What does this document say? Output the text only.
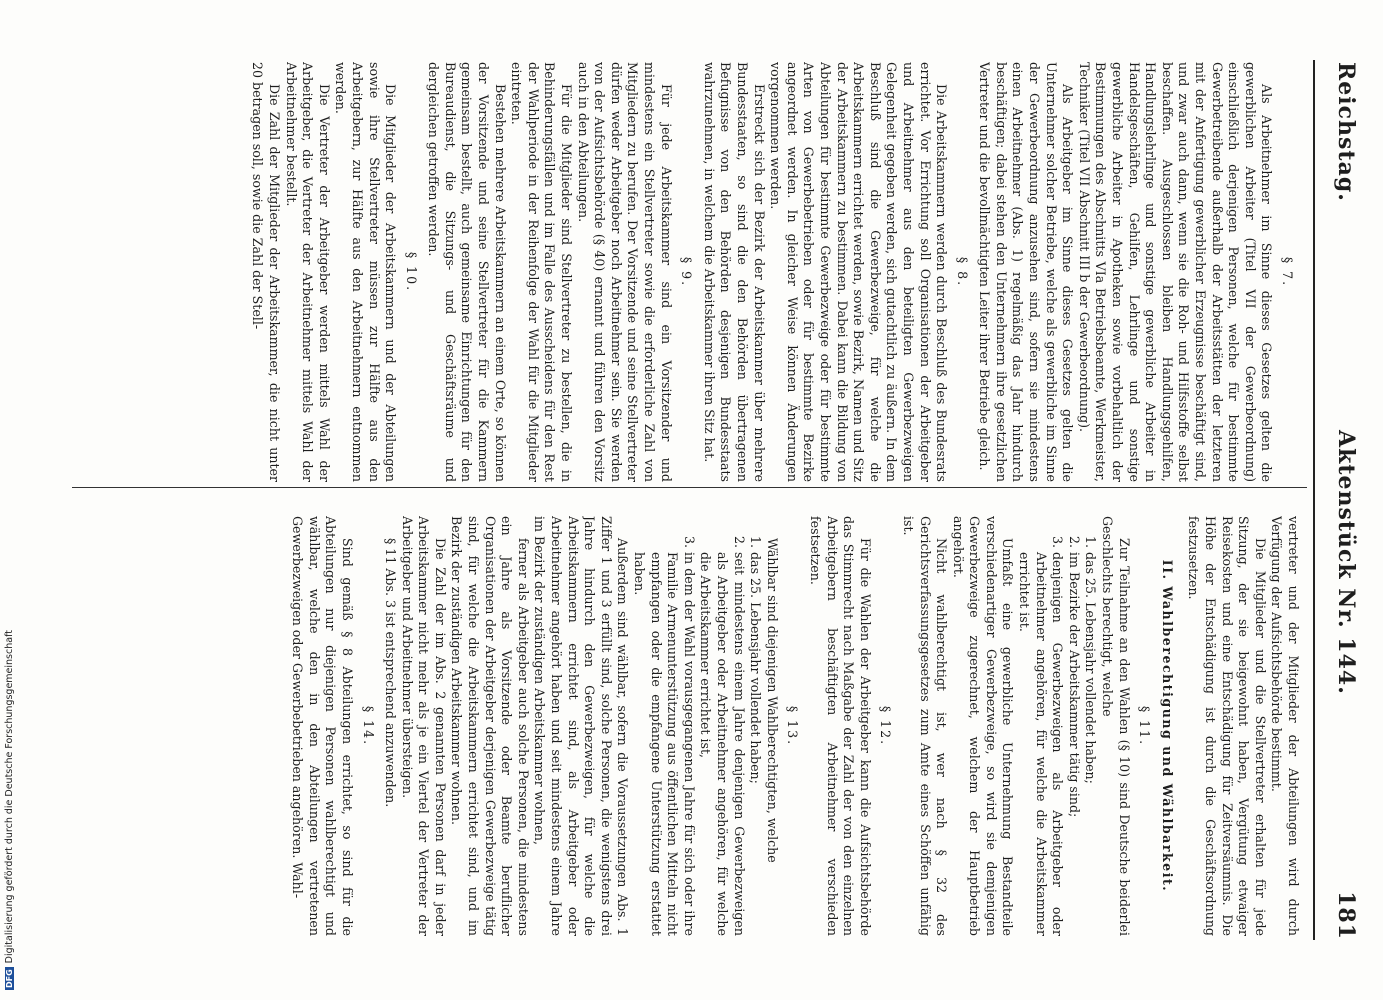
Reichstag.
Aktenstück Nr. 144.
181
§ 7.

Als Arbeitnehmer im Sinne dieses Gesetzes gelten die gewerblichen Arbeiter (Titel VII der Gewerbeordnung) einschließlich derjenigen Personen, welche für bestimmte Gewerbetreibende außerhalb der Arbeitsstätten der letzteren mit der Anfertigung gewerblicher Erzeugnisse beschäftigt sind, und zwar auch dann, wenn sie die Roh- und Hilfsstoffe selbst beschaffen. Ausgeschlossen bleiben Handlungsgehilfen, Handlungslehrlinge und sonstige gewerbliche Arbeiter in Handelsgeschäften, Gehilfen, Lehrlinge und sonstige gewerbliche Arbeiter in Apotheken sowie vorbehaltlich der Bestimmungen des Abschnitts VIa Betriebsbeamte, Werkmeister, Techniker (Titel VII Abschnitt III b der Gewerbeordnung).

Als Arbeitgeber im Sinne dieses Gesetzes gelten die Unternehmer solcher Betriebe, welche als gewerbliche im Sinne der Gewerbeordnung anzusehen sind, sofern sie mindestens einen Arbeitnehmer (Abs. 1) regelmäßig das Jahr hindurch beschäftigen; dabei stehen den Unternehmern ihre gesetzlichen Vertreter und die bevollmächtigten Leiter ihrer Betriebe gleich.

§ 8.

Die Arbeitskammern werden durch Beschluß des Bundesrats errichtet. Vor Errichtung soll Organisationen der Arbeitgeber und Arbeitnehmer aus den beteiligten Gewerbezweigen Gelegenheit gegeben werden, sich gutachtlich zu äußern. In dem Beschluß sind die Gewerbezweige, für welche die Arbeitskammern errichtet werden, sowie Bezirk, Namen und Sitz der Arbeitskammern zu bestimmen. Dabei kann die Bildung von Abteilungen für bestimmte Gewerbezweige oder für bestimmte Arten von Gewerbebetrieben oder für bestimmte Bezirke angeordnet werden. In gleicher Weise können Änderungen vorgenommen werden.

Erstreckt sich der Bezirk der Arbeitskammer über mehrere Bundesstaaten, so sind die den Behörden übertragenen Befugnisse von den Behörden desjenigen Bundesstaats wahrzunehmen, in welchem die Arbeitskammer ihren Sitz hat.

§ 9.

Für jede Arbeitskammer sind ein Vorsitzender und mindestens ein Stellvertreter sowie die erforderliche Zahl von Mitgliedern zu berufen. Der Vorsitzende und seine Stellvertreter dürfen weder Arbeitgeber noch Arbeitnehmer sein. Sie werden von der Aufsichtsbehörde (§ 40) ernannt und führen den Vorsitz auch in den Abteilungen.

Für die Mitglieder sind Stellvertreter zu bestellen, die in Behinderungsfällen und im Falle des Ausscheidens für den Rest der Wahlperiode in der Reihenfolge der Wahl für die Mitglieder eintreten.

Bestehen mehrere Arbeitskammern an einem Orte, so können der Vorsitzende und seine Stellvertreter für die Kammern gemeinsam bestellt, auch gemeinsame Einrichtungen für den Bureaudienst, die Sitzungs- und Geschäftsräume und dergleichen getroffen werden.

§ 10.

Die Mitglieder der Arbeitskammern und der Abteilungen sowie ihre Stellvertreter müssen zur Hälfte aus den Arbeitgebern, zur Hälfte aus den Arbeitnehmern entnommen werden.

Die Vertreter der Arbeitgeber werden mittels Wahl der Arbeitgeber, die Vertreter der Arbeitnehmer mittels Wahl der Arbeitnehmer bestellt.

Die Zahl der Mitglieder der Arbeitskammer, die nicht unter 20 betragen soll, sowie die Zahl der Stell-

vertreter und der Mitglieder der Abteilungen wird durch Verfügung der Aufsichtsbehörde bestimmt.

Die Mitglieder und die Stellvertreter erhalten für jede Sitzung, der sie beigewohnt haben, Vergütung etwaiger Reisekosten und eine Entschädigung für Zeitversäumnis. Die Höhe der Entschädigung ist durch die Geschäftsordnung festzusetzen.

II. Wahlberechtigung und Wählbarkeit.
§ 11.

Zur Teilnahme an den Wahlen (§ 10) sind Deutsche beiderlei Geschlechts berechtigt, welche

1. das 25. Lebensjahr vollendet haben;
2. im Bezirke der Arbeitskammer tätig sind;
3. denjenigen Gewerbezweigen als Arbeitgeber oder Arbeitnehmer angehören, für welche die Arbeitskammer errichtet ist.

Umfaßt eine gewerbliche Unternehmung Bestandteile verschiedenartiger Gewerbezweige, so wird sie demjenigen Gewerbezweige zugerechnet, welchem der Hauptbetrieb angehört.

Nicht wahlberechtigt ist, wer nach § 32 des Gerichtsverfassungsgesetzes zum Amte eines Schöffen unfähig ist.

§ 12.

Für die Wahlen der Arbeitgeber kann die Aufsichtsbehörde das Stimmrecht nach Maßgabe der Zahl der von den einzelnen Arbeitgebern beschäftigten Arbeitnehmer verschieden festsetzen.

§ 13.

Wählbar sind diejenigen Wahlberechtigten, welche

1. das 25. Lebensjahr vollendet haben;
2. seit mindestens einem Jahre denjenigen Gewerbezweigen als Arbeitgeber oder Arbeitnehmer angehören, für welche die Arbeitskammer errichtet ist,
3. in dem der Wahl vorausgegangenen Jahre für sich oder ihre Familie Armenunterstützung aus öffentlichen Mitteln nicht empfangen oder die empfangene Unterstützung erstattet haben.

Außerdem sind wählbar, sofern die Voraussetzungen Abs. 1 Ziffer 1 und 3 erfüllt sind, solche Personen, die wenigstens drei Jahre hindurch den Gewerbezweigen, für welche die Arbeitskammern errichtet sind, als Arbeitgeber oder Arbeitnehmer angehört haben und seit mindestens einem Jahre im Bezirk der zuständigen Arbeitskammer wohnen,

ferner als Arbeitgeber auch solche Personen, die mindestens ein Jahre als Vorsitzende oder Beamte beruflicher Organisationen der Arbeitgeber derjenigen Gewerbezweige tätig sind, für welche die Arbeitskammern errichtet sind, und im Bezirk der zuständigen Arbeitskammer wohnen.

Die Zahl der im Abs. 2 genannten Personen darf in jeder Arbeitskammer nicht mehr als je ein Viertel der Vertreter der Arbeitgeber und Arbeitnehmer übersteigen.

§ 11 Abs. 3 ist entsprechend anzuwenden.

§ 14.

Sind gemäß § 8 Abteilungen errichtet, so sind für die Abteilungen nur diejenigen Personen wahlberechtigt und wählbar, welche den in den Abteilungen vertretenen Gewerbezweigen oder Gewerbebetrieben angehören. Wahl-

DFGDigitalisierung gefördert durch die Deutsche Forschungsgemeinschaft
